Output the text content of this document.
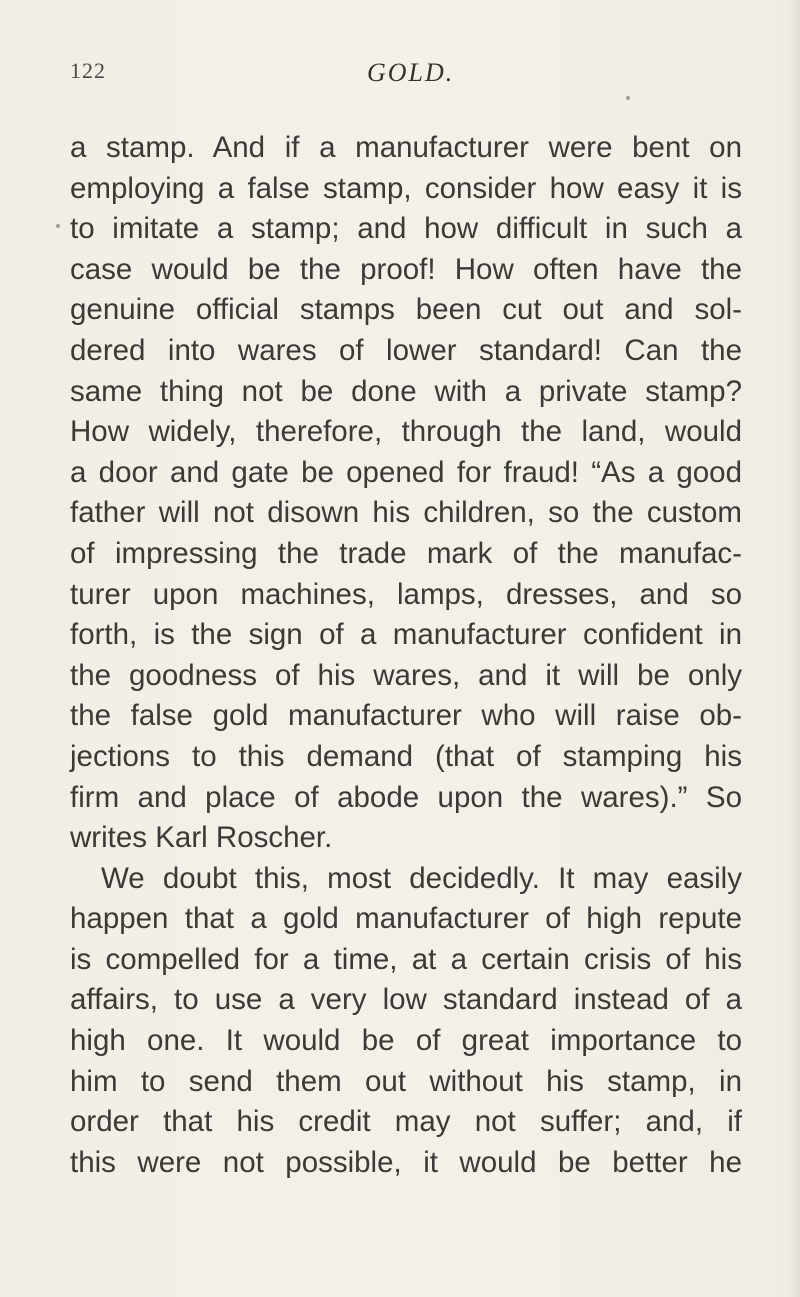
122	GOLD.
a stamp. And if a manufacturer were bent on
employing a false stamp, consider how easy it is
to imitate a stamp; and how difficult in such a
case would be the proof! How often have the
genuine official stamps been cut out and sol-
dered into wares of lower standard! Can the
same thing not be done with a private stamp?
How widely, therefore, through the land, would
a door and gate be opened for fraud! “As a good
father will not disown his children, so the custom
of impressing the trade mark of the manufac-
turer upon machines, lamps, dresses, and so
forth, is the sign of a manufacturer confident in
the goodness of his wares, and it will be only
the false gold manufacturer who will raise ob-
jections to this demand (that of stamping his
firm and place of abode upon the wares).” So
writes Karl Roscher.
We doubt this, most decidedly. It may easily
happen that a gold manufacturer of high repute
is compelled for a time, at a certain crisis of his
affairs, to use a very low standard instead of a
high one. It would be of great importance to
him to send them out without his stamp, in
order that his credit may not suffer; and, if
this were not possible, it would be better he
